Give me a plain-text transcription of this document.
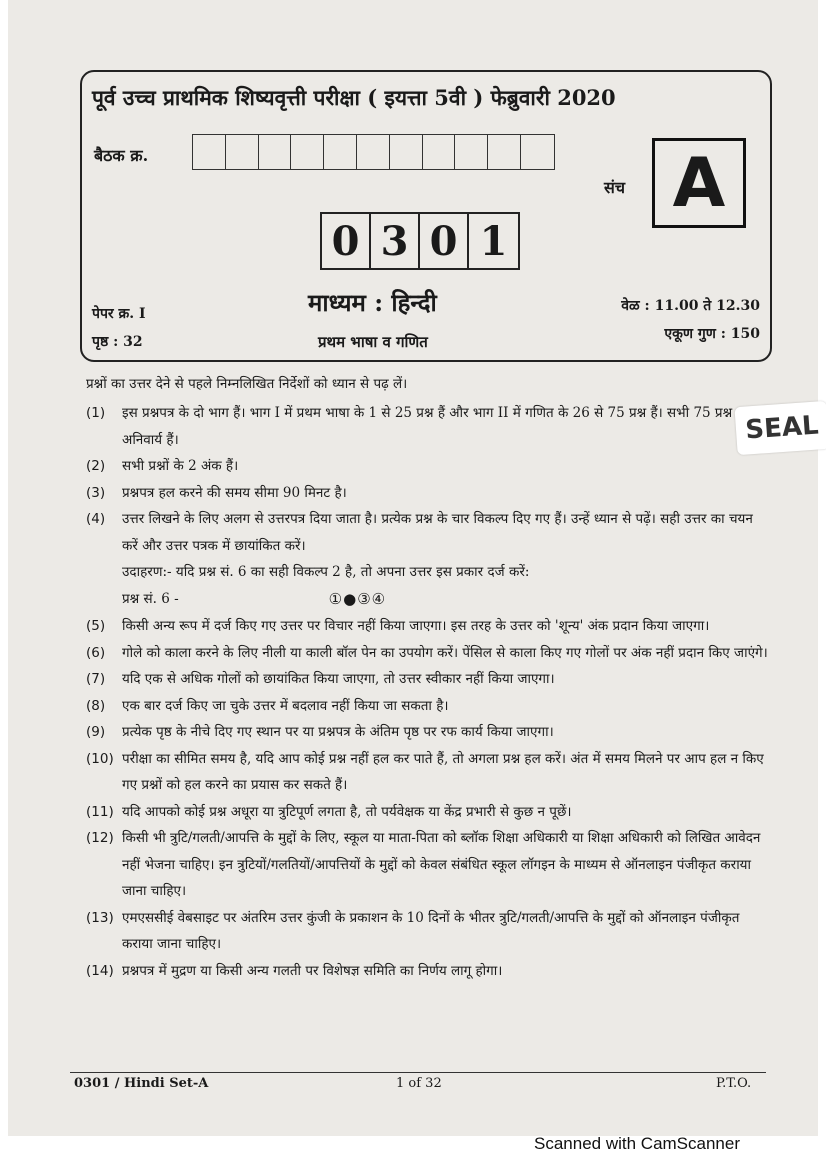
पूर्व उच्च प्राथमिक शिष्यवृत्ती परीक्षा ( इयत्ता 5वी ) फेब्रुवारी 2020
बैठक क्र.
संच A
0 3 0 1
पेपर क्र. I
पृष्ठ : 32
माध्यम : हिन्दी
प्रथम भाषा व गणित
वेळ : 11.00 ते 12.30
एकूण गुण : 150
प्रश्नों का उत्तर देने से पहले निम्नलिखित निर्देशों को ध्यान से पढ़ लें।
(1)	इस प्रश्नपत्र के दो भाग हैं। भाग I में प्रथम भाषा के 1 से 25 प्रश्न हैं और भाग II में गणित के 26 से 75 प्रश्न हैं। सभी 75 प्रश्न अनिवार्य हैं।
(2)	सभी प्रश्नों के 2 अंक हैं।
(3)	प्रश्नपत्र हल करने की समय सीमा 90 मिनट है।
(4)	उत्तर लिखने के लिए अलग से उत्तरपत्र दिया जाता है। प्रत्येक प्रश्न के चार विकल्प दिए गए हैं। उन्हें ध्यान से पढ़ें। सही उत्तर का चयन करें और उत्तर पत्रक में छायांकित करें।
उदाहरण:- यदि प्रश्न सं. 6 का सही विकल्प 2 है, तो अपना उत्तर इस प्रकार दर्ज करें:
प्रश्न सं. 6 -	①●③④
(5)	किसी अन्य रूप में दर्ज किए गए उत्तर पर विचार नहीं किया जाएगा। इस तरह के उत्तर को 'शून्य' अंक प्रदान किया जाएगा।
(6)	गोले को काला करने के लिए नीली या काली बॉल पेन का उपयोग करें। पेंसिल से काला किए गए गोलों पर अंक नहीं प्रदान किए जाएंगे।
(7)	यदि एक से अधिक गोलों को छायांकित किया जाएगा, तो उत्तर स्वीकार नहीं किया जाएगा।
(8)	एक बार दर्ज किए जा चुके उत्तर में बदलाव नहीं किया जा सकता है।
(9)	प्रत्येक पृष्ठ के नीचे दिए गए स्थान पर या प्रश्नपत्र के अंतिम पृष्ठ पर रफ कार्य किया जाएगा।
(10) परीक्षा का सीमित समय है, यदि आप कोई प्रश्न नहीं हल कर पाते हैं, तो अगला प्रश्न हल करें। अंत में समय मिलने पर आप हल न किए गए प्रश्नों को हल करने का प्रयास कर सकते हैं।
(11) यदि आपको कोई प्रश्न अधूरा या त्रुटिपूर्ण लगता है, तो पर्यवेक्षक या केंद्र प्रभारी से कुछ न पूछें।
(12) किसी भी त्रुटि/गलती/आपत्ति के मुद्दों के लिए, स्कूल या माता-पिता को ब्लॉक शिक्षा अधिकारी या शिक्षा अधिकारी को लिखित आवेदन नहीं भेजना चाहिए। इन त्रुटियों/गलतियों/आपत्तियों के मुद्दों को केवल संबंधित स्कूल लॉगइन के माध्यम से ऑनलाइन पंजीकृत कराया जाना चाहिए।
(13) एमएससीई वेबसाइट पर अंतरिम उत्तर कुंजी के प्रकाशन के 10 दिनों के भीतर त्रुटि/गलती/आपत्ति के मुद्दों को ऑनलाइन पंजीकृत कराया जाना चाहिए।
(14) प्रश्नपत्र में मुद्रण या किसी अन्य गलती पर विशेषज्ञ समिति का निर्णय लागू होगा।
SEAL
0301 / Hindi Set-A	1 of 32	P.T.O.
Scanned with CamScanner
